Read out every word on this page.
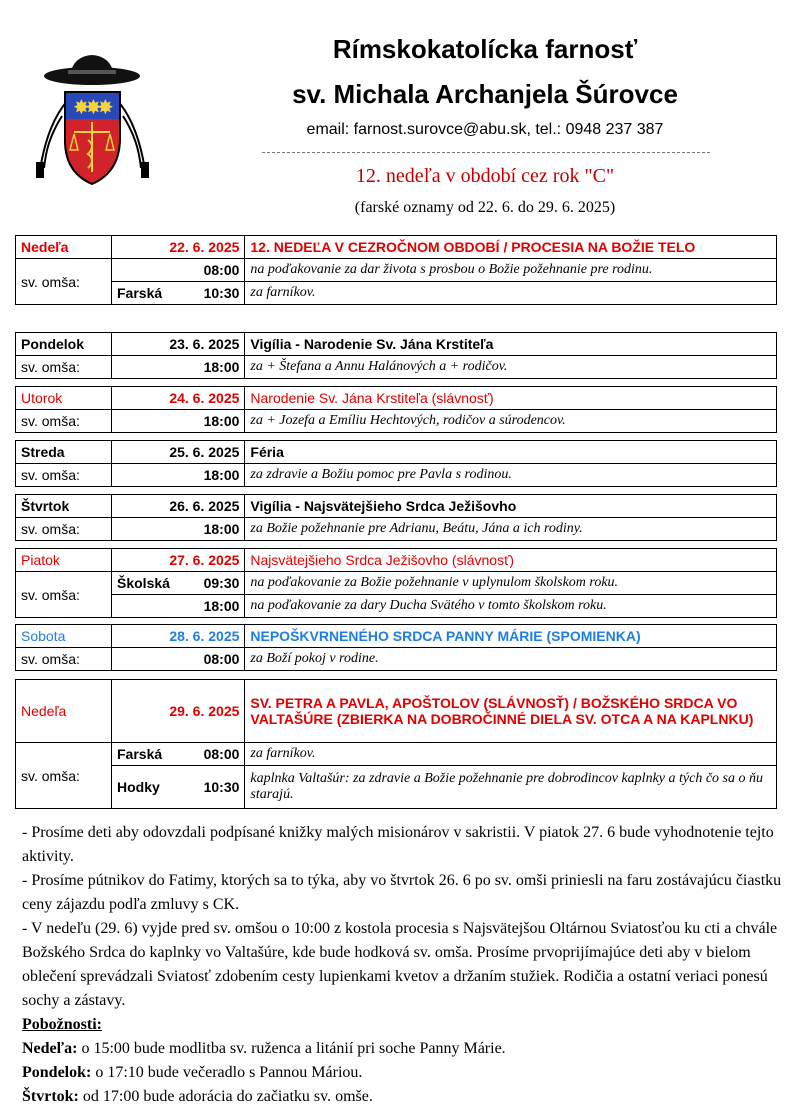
✸
✸
✸
Rímskokatolícka farnosť
sv. Michala Archanjela Šúrovce
email: farnost.surovce@abu.sk, tel.: 0948 237 387
12. nedeľa v období cez rok "C"
(farské oznamy od 22. 6. do 29. 6. 2025)
Nedeľa	22. 6. 2025	12. NEDEĽA V CEZROČNOM OBDOBÍ / PROCESIA NA BOŽIE TELO
sv. omša:	08:00	na poďakovanie za dar života s prosbou o Božie požehnanie pre rodinu.

	Farská 10:30	za farníkov.
Pondelok	23. 6. 2025	Vigília - Narodenie Sv. Jána Krstiteľa
sv. omša:	18:00	za + Štefana a Annu Halánových a + rodičov.
Utorok	24. 6. 2025	Narodenie Sv. Jána Krstiteľa (slávnosť)
sv. omša:	18:00	za + Jozefa a Emíliu Hechtových, rodičov a súrodencov.
Streda	25. 6. 2025	Féria
sv. omša:	18:00	za zdravie a Božiu pomoc pre Pavla s rodinou.
Štvrtok	26. 6. 2025	Vigília - Najsvätejšieho Srdca Ježišovho
sv. omša:	18:00	za Božie požehnanie pre Adrianu, Beátu, Jána a ich rodiny.
Piatok	27. 6. 2025	Najsvätejšieho Srdca Ježišovho (slávnosť)
sv. omša:	Školská 09:30	na poďakovanie za Božie požehnanie v uplynulom školskom roku.
	18:00	na poďakovanie za dary Ducha Svätého v tomto školskom roku.
Sobota	28. 6. 2025	NEPOŠKVRNENÉHO SRDCA PANNY MÁRIE (SPOMIENKA)
sv. omša:	08:00	za Boží pokoj v rodine.
Nedeľa	29. 6. 2025	SV. PETRA A PAVLA, APOŠTOLOV (SLÁVNOSŤ) / BOŽSKÉHO SRDCA VO VALTAŠÚRE (ZBIERKA NA DOBROČINNÉ DIELA SV. OTCA A NA KAPLNKU)
sv. omša:	Farská 08:00	za farníkov.

	Hodky 10:30	kaplnka Valtašúr: za zdravie a Božie požehnanie pre dobrodincov kaplnky a tých čo sa o ňu starajú.

- Prosíme deti aby odovzdali podpísané knižky malých misionárov v sakristii. V piatok 27. 6 bude vyhodnotenie tejto aktivity.

- Prosíme pútnikov do Fatimy, ktorých sa to týka, aby vo štvrtok 26. 6 po sv. omši priniesli na faru zostávajúcu čiastku ceny zájazdu podľa zmluvy s CK.

- V nedeľu (29. 6) vyjde pred sv. omšou o 10:00 z kostola procesia s Najsvätejšou Oltárnou Sviatosťou ku cti a chvále Božského Srdca do kaplnky vo Valtašúre, kde bude hodková sv. omša. Prosíme prvoprijímajúce deti aby v bielom oblečení sprevádzali Sviatosť zdobením cesty lupienkami kvetov a držaním stužiek. Rodičia a ostatní veriaci ponesú sochy a zástavy.

Pobožnosti:

Nedeľa: o 15:00 bude modlitba sv. ruženca a litánií pri soche Panny Márie.

Pondelok: o 17:10 bude večeradlo s Pannou Máriou.

Štvrtok: od 17:00 bude adorácia do začiatku sv. omše.
